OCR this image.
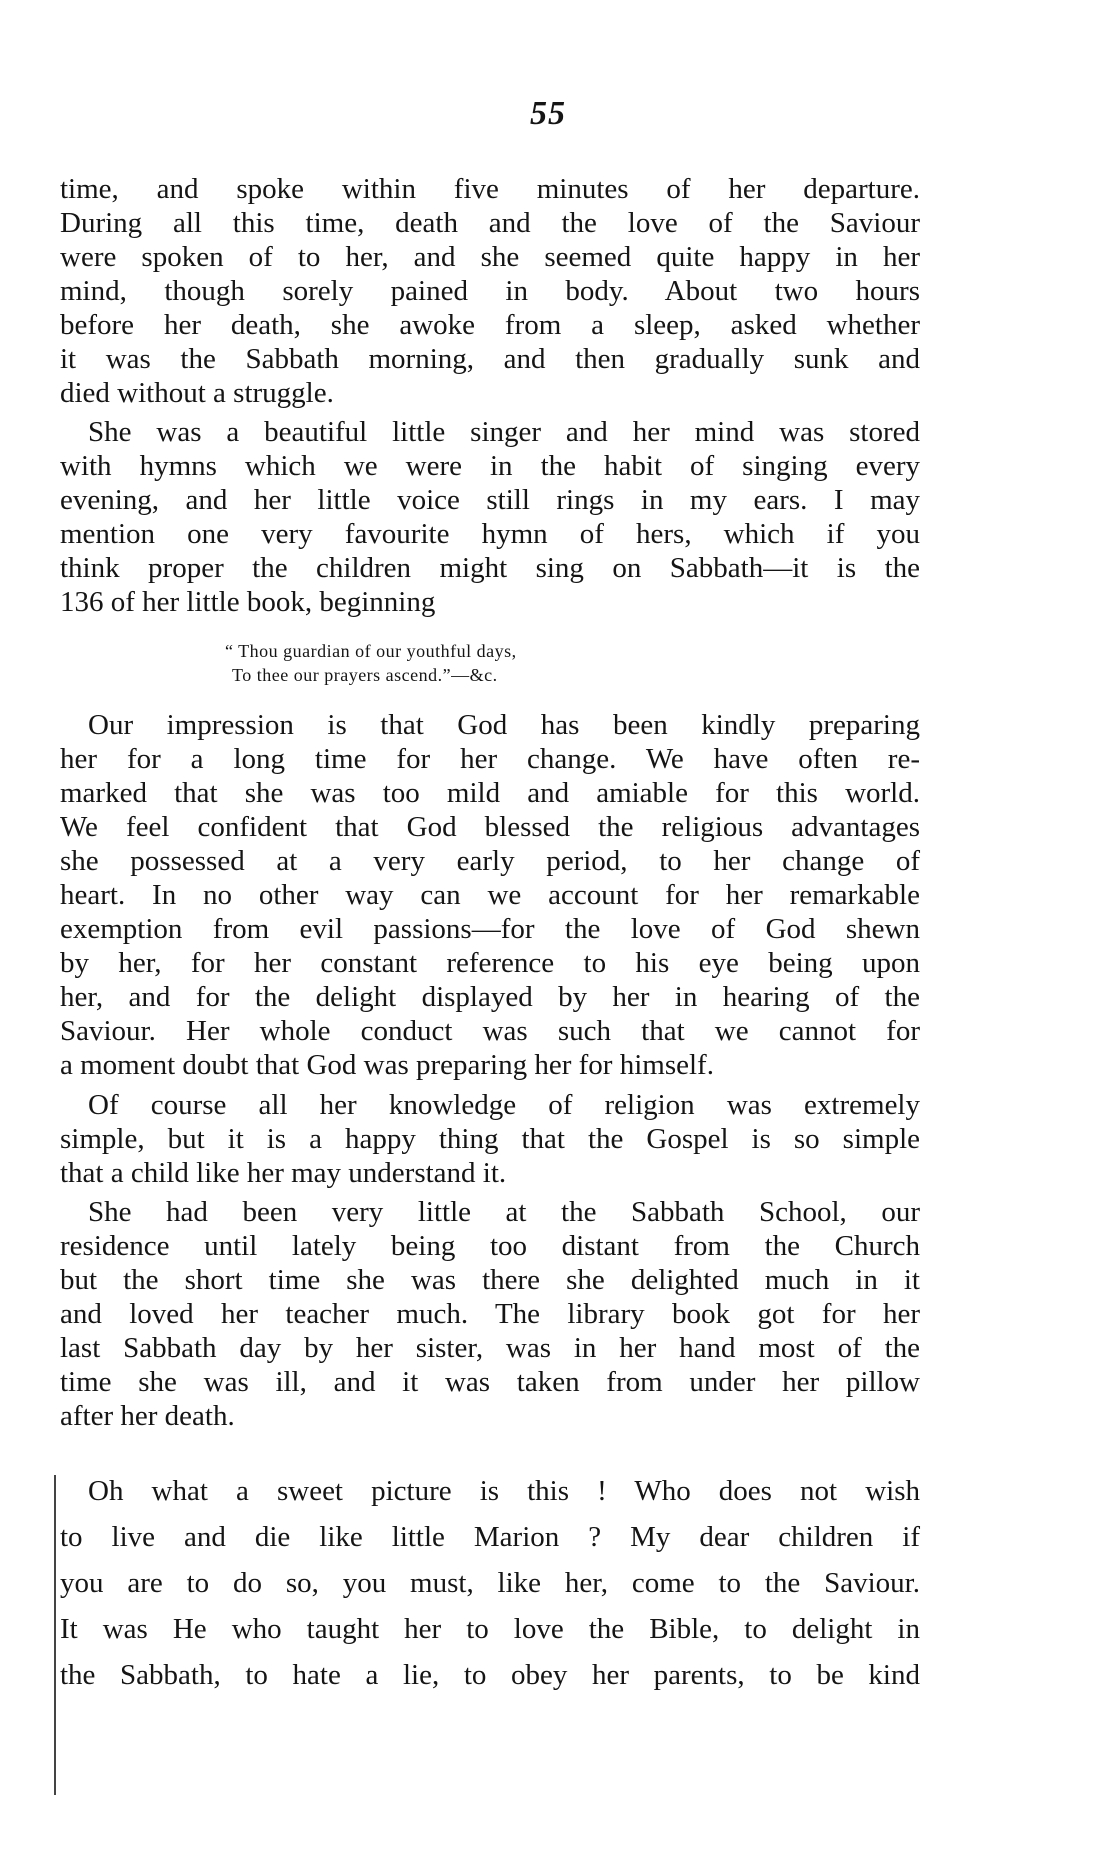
55
time, and spoke within five minutes of her departure.
During all this time, death and the love of the Saviour
were spoken of to her, and she seemed quite happy in her
mind, though sorely pained in body. About two hours
before her death, she awoke from a sleep, asked whether
it was the Sabbath morning, and then gradually sunk and
died without a struggle.
She was a beautiful little singer and her mind was stored
with hymns which we were in the habit of singing every
evening, and her little voice still rings in my ears. I may
mention one very favourite hymn of hers, which if you
think proper the children might sing on Sabbath—it is the
136 of her little book, beginning
“ Thou guardian of our youthful days,
To thee our prayers ascend.”—&c.
Our impression is that God has been kindly preparing
her for a long time for her change. We have often re-
marked that she was too mild and amiable for this world.
We feel confident that God blessed the religious advantages
she possessed at a very early period, to her change of
heart. In no other way can we account for her remarkable
exemption from evil passions—for the love of God shewn
by her, for her constant reference to his eye being upon
her, and for the delight displayed by her in hearing of the
Saviour. Her whole conduct was such that we cannot for
a moment doubt that God was preparing her for himself.
Of course all her knowledge of religion was extremely
simple, but it is a happy thing that the Gospel is so simple
that a child like her may understand it.
She had been very little at the Sabbath School, our
residence until lately being too distant from the Church
but the short time she was there she delighted much in it
and loved her teacher much. The library book got for her
last Sabbath day by her sister, was in her hand most of the
time she was ill, and it was taken from under her pillow
after her death.
Oh what a sweet picture is this ! Who does not wish
to live and die like little Marion ? My dear children if
you are to do so, you must, like her, come to the Saviour.
It was He who taught her to love the Bible, to delight in
the Sabbath, to hate a lie, to obey her parents, to be kind
